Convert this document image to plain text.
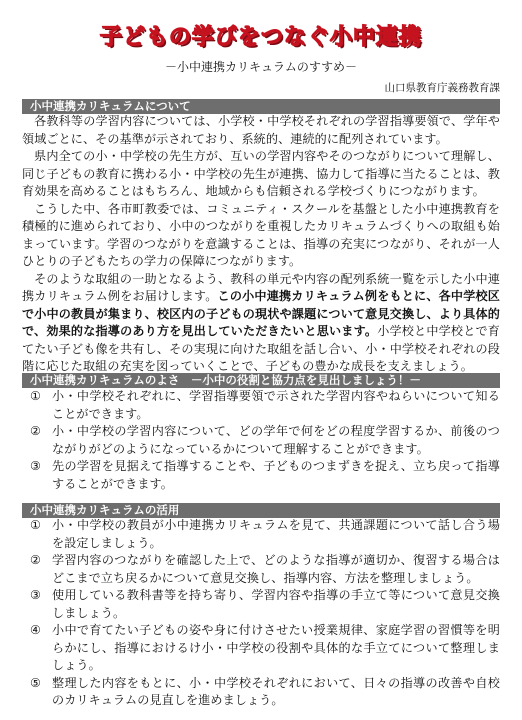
子どもの学びをつなぐ小中連携
－小中連携カリキュラムのすすめ－
山口県教育庁義務教育課
小中連携カリキュラムについて

各教科等の学習内容については、小学校・中学校それぞれの学習指導要領で、学年や領域ごとに、その基準が示されており、系統的、連続的に配列されています。

県内全ての小・中学校の先生方が、互いの学習内容やそのつながりについて理解し、同じ子どもの教育に携わる小・中学校の先生が連携、協力して指導に当たることは、教育効果を高めることはもちろん、地域からも信頼される学校づくりにつながります。

こうした中、各市町教委では、コミュニティ・スクールを基盤とした小中連携教育を積極的に進められており、小中のつながりを重視したカリキュラムづくりへの取組も始まっています。学習のつながりを意識することは、指導の充実につながり、それが一人ひとりの子どもたちの学力の保障につながります。

そのような取組の一助となるよう、教科の単元や内容の配列系統一覧を示した小中連携カリキュラム例をお届けします。この小中連携カリキュラム例をもとに、各中学校区で小中の教員が集まり、校区内の子どもの現状や課題について意見交換し、より具体的で、効果的な指導のあり方を見出していただきたいと思います。小学校と中学校とで育てたい子ども像を共有し、その実現に向けた取組を話し合い、小・中学校それぞれの段階に応じた取組の充実を図っていくことで、子どもの豊かな成長を支えましょう。

小中連携カリキュラムのよさ　－小中の役割と協力点を見出しましょう！－

① 小・中学校それぞれに、学習指導要領で示された学習内容やねらいについて知ることができます。

② 小・中学校の学習内容について、どの学年で何をどの程度学習するか、前後のつながりがどのようになっているかについて理解することができます。

③ 先の学習を見据えて指導することや、子どものつまずきを捉え、立ち戻って指導することができます。

小中連携カリキュラムの活用

① 小・中学校の教員が小中連携カリキュラムを見て、共通課題について話し合う場を設定しましょう。

② 学習内容のつながりを確認した上で、どのような指導が適切か、復習する場合はどこまで立ち戻るかについて意見交換し、指導内容、方法を整理しましょう。

③ 使用している教科書等を持ち寄り、学習内容や指導の手立て等について意見交換しましょう。

④ 小中で育てたい子どもの姿や身に付けさせたい授業規律、家庭学習の習慣等を明らかにし、指導におけるけ小・中学校の役割や具体的な手立てについて整理しましょう。

⑤ 整理した内容をもとに、小・中学校それぞれにおいて、日々の指導の改善や自校のカリキュラムの見直しを進めましょう。
